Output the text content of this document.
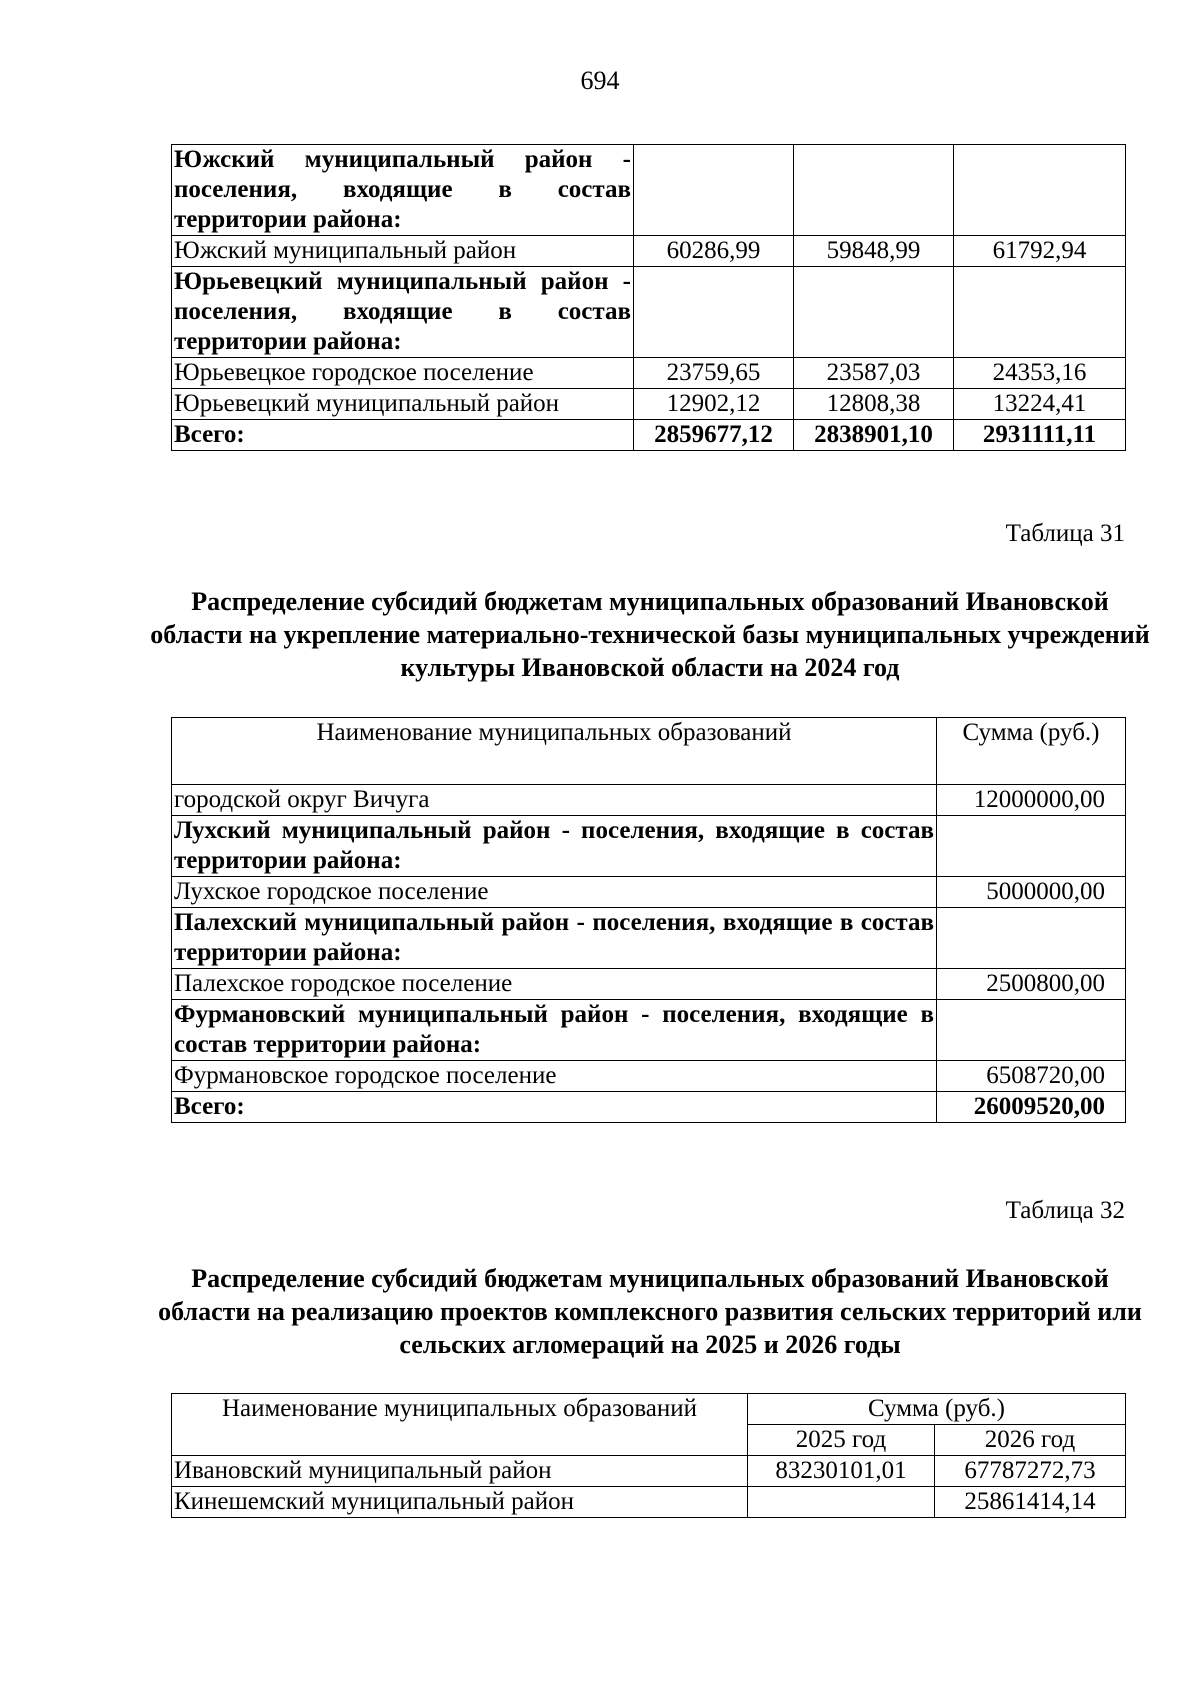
694
Южский муниципальный район - поселения, входящие в состав территории района:			
Южский муниципальный район	60286,99	59848,99	61792,94
Юрьевецкий муниципальный район - поселения, входящие в состав территории района:			
Юрьевецкое городское поселение	23759,65	23587,03	24353,16
Юрьевецкий муниципальный район	12902,12	12808,38	13224,41
Всего:	2859677,12	2838901,10	2931111,11
Таблица 31
Распределение субсидий бюджетам муниципальных образований Ивановской области на укрепление материально-технической базы муниципальных учреждений культуры Ивановской области на 2024 год
Наименование муниципальных образований	Сумма (руб.)
городской округ Вичуга	12000000,00
Лухский муниципальный район - поселения, входящие в состав территории района:	
Лухское городское поселение	5000000,00
Палехский муниципальный район - поселения, входящие в состав территории района:	
Палехское городское поселение	2500800,00
Фурмановский муниципальный район - поселения, входящие в состав территории района:	
Фурмановское городское поселение	6508720,00
Всего:	26009520,00
Таблица 32
Распределение субсидий бюджетам муниципальных образований Ивановской области на реализацию проектов комплексного развития сельских территорий или сельских агломераций на 2025 и 2026 годы
Наименование муниципальных образований	Сумма (руб.)	
	2025 год	2026 год
Ивановский муниципальный район	83230101,01	67787272,73
Кинешемский муниципальный район		25861414,14
